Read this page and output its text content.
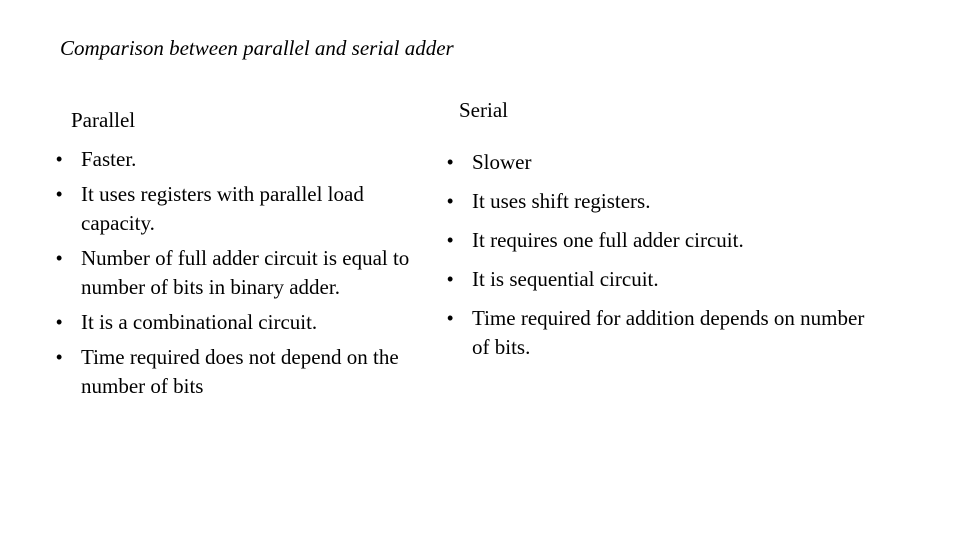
Comparison between parallel and serial adder
Parallel	Serial
• Faster.
• It uses registers with parallel load capacity.
• Number of full adder circuit is equal to number of bits in binary adder.
• It is a combinational circuit.
• Time required does not depend on the number of bits
• Slower
• It uses shift registers.
• It requires one full adder circuit.
• It is sequential circuit.
• Time required for addition depends on number of bits.
